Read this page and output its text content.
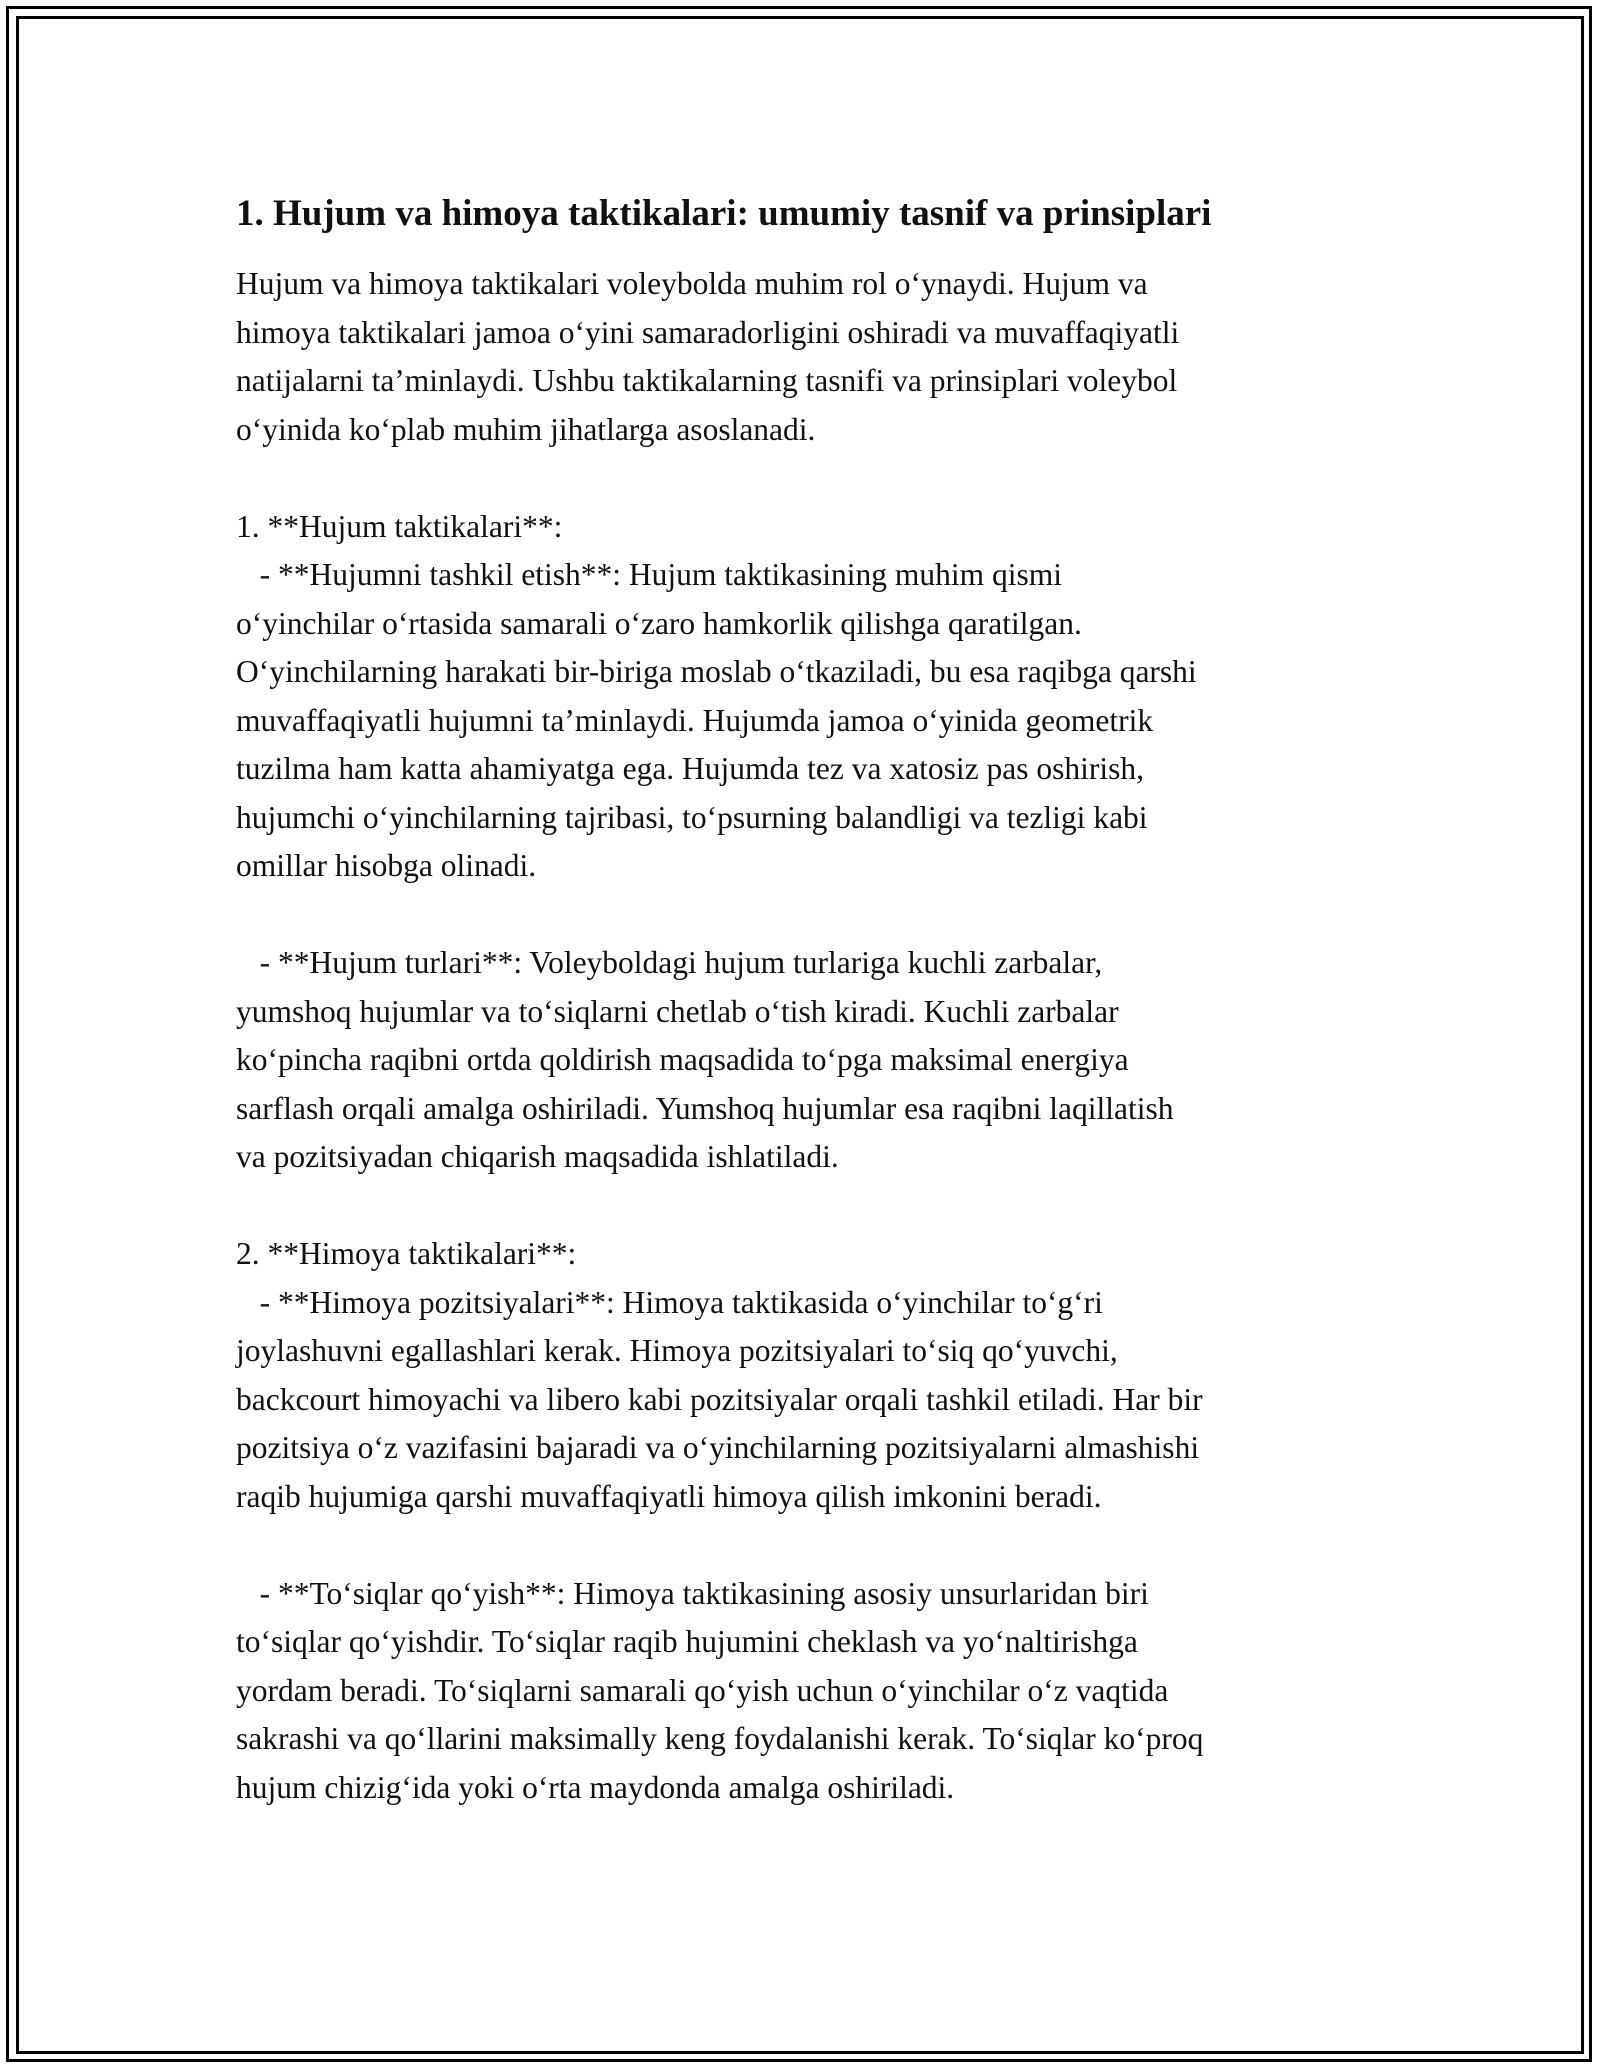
1. Hujum va himoya taktikalari: umumiy tasnif va prinsiplari

Hujum va himoya taktikalari voleybolda muhim rol o‘ynaydi. Hujum va
himoya taktikalari jamoa o‘yini samaradorligini oshiradi va muvaffaqiyatli
natijalarni ta’minlaydi. Ushbu taktikalarning tasnifi va prinsiplari voleybol
o‘yinida ko‘plab muhim jihatlarga asoslanadi.

1. **Hujum taktikalari**:
- **Hujumni tashkil etish**: Hujum taktikasining muhim qismi
o‘yinchilar o‘rtasida samarali o‘zaro hamkorlik qilishga qaratilgan.
O‘yinchilarning harakati bir-biriga moslab o‘tkaziladi, bu esa raqibga qarshi
muvaffaqiyatli hujumni ta’minlaydi. Hujumda jamoa o‘yinida geometrik
tuzilma ham katta ahamiyatga ega. Hujumda tez va xatosiz pas oshirish,
hujumchi o‘yinchilarning tajribasi, to‘psurning balandligi va tezligi kabi
omillar hisobga olinadi.

- **Hujum turlari**: Voleyboldagi hujum turlariga kuchli zarbalar,
yumshoq hujumlar va to‘siqlarni chetlab o‘tish kiradi. Kuchli zarbalar
ko‘pincha raqibni ortda qoldirish maqsadida to‘pga maksimal energiya
sarflash orqali amalga oshiriladi. Yumshoq hujumlar esa raqibni laqillatish
va pozitsiyadan chiqarish maqsadida ishlatiladi.

2. **Himoya taktikalari**:
- **Himoya pozitsiyalari**: Himoya taktikasida o‘yinchilar to‘g‘ri
joylashuvni egallashlari kerak. Himoya pozitsiyalari to‘siq qo‘yuvchi,
backcourt himoyachi va libero kabi pozitsiyalar orqali tashkil etiladi. Har bir
pozitsiya o‘z vazifasini bajaradi va o‘yinchilarning pozitsiyalarni almashishi
raqib hujumiga qarshi muvaffaqiyatli himoya qilish imkonini beradi.

- **To‘siqlar qo‘yish**: Himoya taktikasining asosiy unsurlaridan biri
to‘siqlar qo‘yishdir. To‘siqlar raqib hujumini cheklash va yo‘naltirishga
yordam beradi. To‘siqlarni samarali qo‘yish uchun o‘yinchilar o‘z vaqtida
sakrashi va qo‘llarini maksimally keng foydalanishi kerak. To‘siqlar ko‘proq
hujum chizig‘ida yoki o‘rta maydonda amalga oshiriladi.
